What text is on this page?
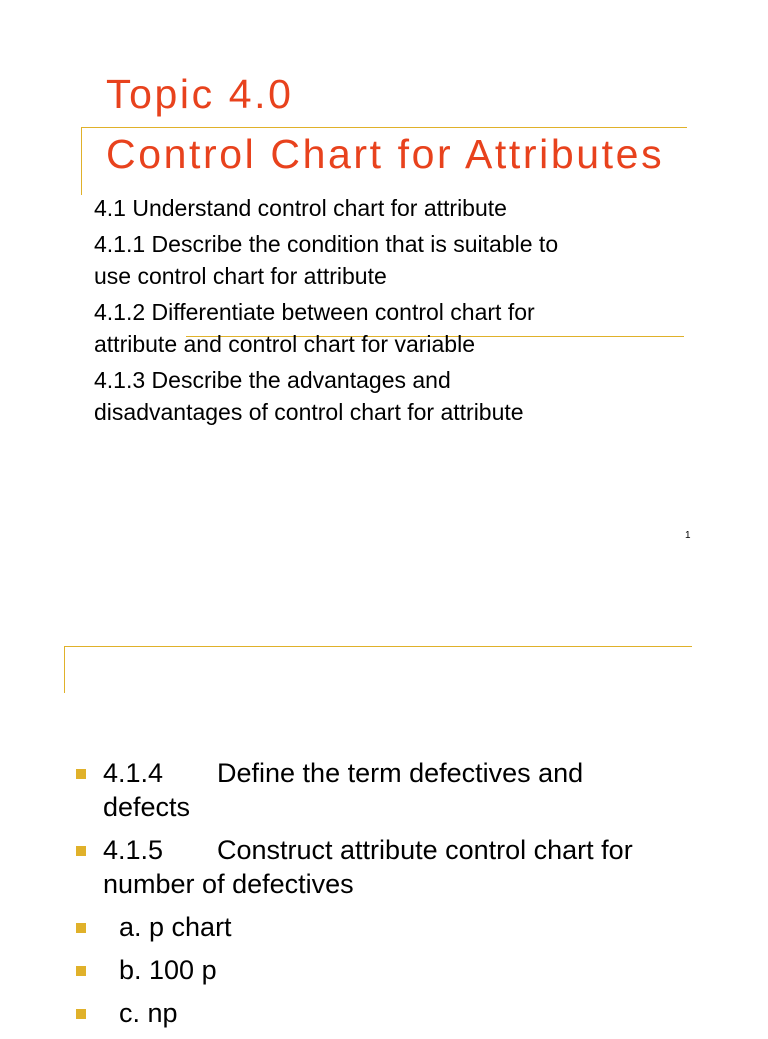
Topic 4.0
Control Chart for Attributes
4.1 Understand control chart for attribute
4.1.1 Describe the condition that is suitable to use control chart for attribute
4.1.2 Differentiate between control chart for attribute and control chart for variable
4.1.3 Describe the advantages and disadvantages of control chart for attribute
1
4.1.4 Define the term defectives and defects
4.1.5 Construct attribute control chart for number of defectives
a. p chart
b. 100 p
c. np
